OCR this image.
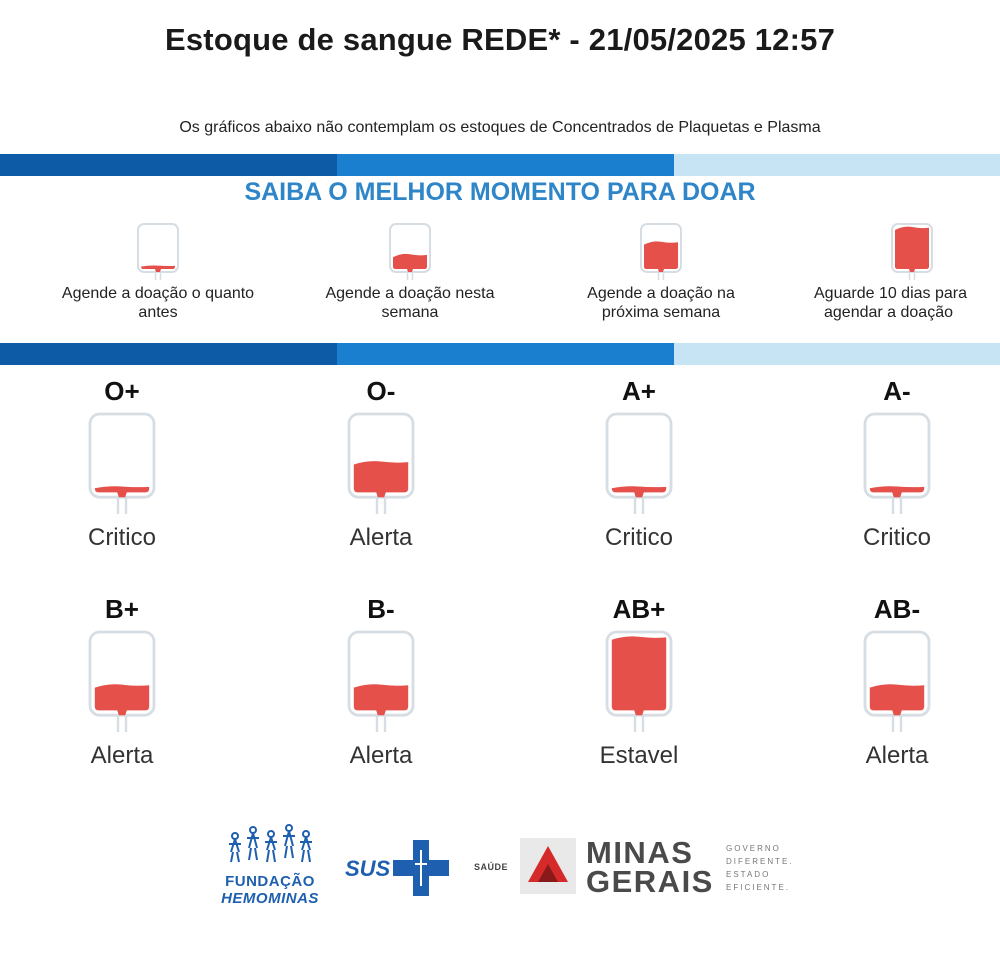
Estoque de sangue REDE* - 21/05/2025 12:57
Os gráficos abaixo não contemplam os estoques de Concentrados de Plaquetas e Plasma
SAIBA O MELHOR MOMENTO PARA DOAR
Agende a doação o quanto
antes
Agende a doação nesta
semana
Agende a doação na
próxima semana
Aguarde 10 dias para
agendar a doação
O+
Critico
O-
Alerta
A+
Critico
A-
Critico
B+
Alerta
B-
Alerta
AB+
Estavel
AB-
Alerta
FUNDAÇÃO
HEMOMINAS
SUS	SAÚDE	MINAS
GERAIS
GOVERNO
DIFERENTE.
ESTADO
EFICIENTE.
